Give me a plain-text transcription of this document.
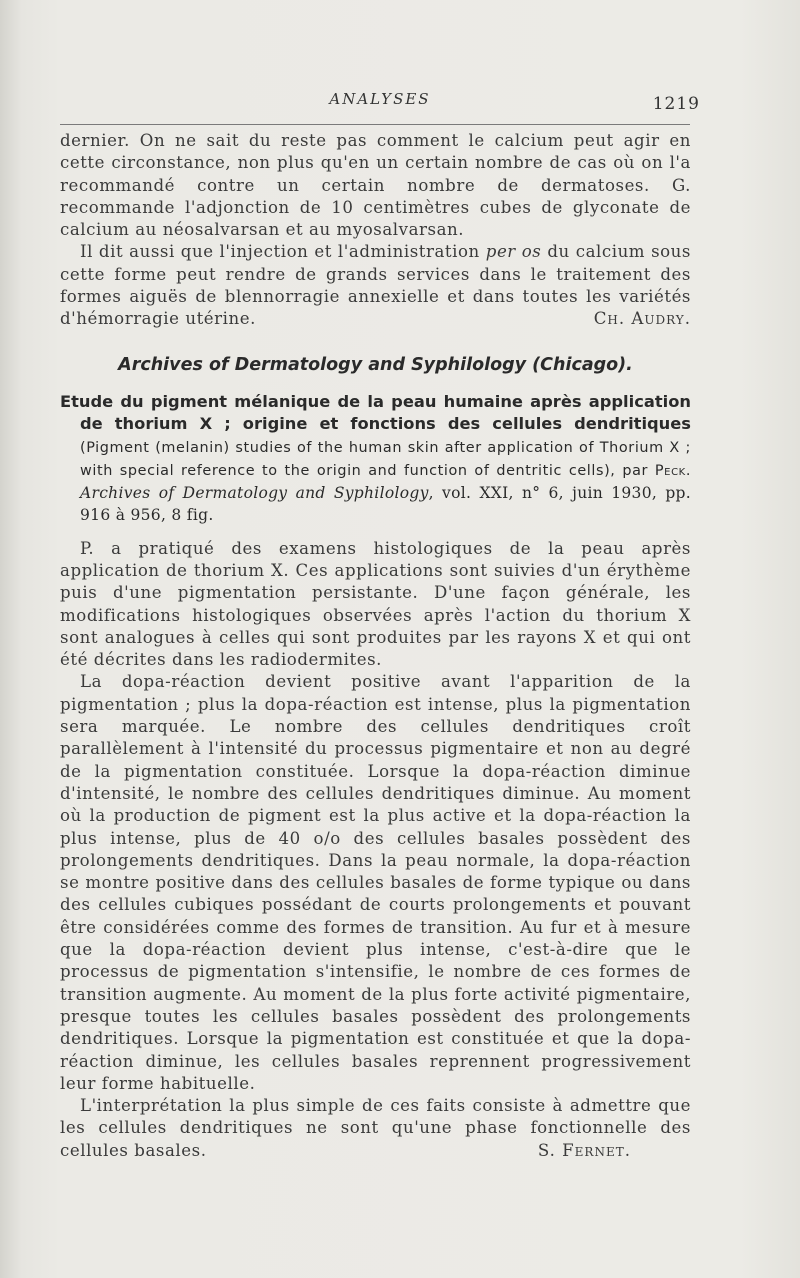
ANALYSES	1219

dernier. On ne sait du reste pas comment le calcium peut agir en cette circonstance, non plus qu'en un certain nombre de cas où on l'a recommandé contre un certain nombre de dermatoses. G. recommande l'adjonction de 10 centimètres cubes de glyconate de calcium au néosalvarsan et au myosalvarsan.

Il dit aussi que l'injection et l'administration per os du calcium sous cette forme peut rendre de grands services dans le traitement des formes aiguës de blennorragie annexielle et dans toutes les variétés d'hémorragie utérine.	Ch. Audry.

Archives of Dermatology and Syphilology (Chicago).
Etude du pigment mélanique de la peau humaine après application de thorium X ; origine et fonctions des cellules dendritiques (Pigment (melanin) studies of the human skin after application of Thorium X ; with special reference to the origin and function of dentritic cells), par Peck. Archives of Dermatology and Syphilology, vol. XXI, n° 6, juin 1930, pp. 916 à 956, 8 fig.

P. a pratiqué des examens histologiques de la peau après application de thorium X. Ces applications sont suivies d'un érythème puis d'une pigmentation persistante. D'une façon générale, les modifications histologiques observées après l'action du thorium X sont analogues à celles qui sont produites par les rayons X et qui ont été décrites dans les radiodermites.

La dopa-réaction devient positive avant l'apparition de la pigmentation ; plus la dopa-réaction est intense, plus la pigmentation sera marquée. Le nombre des cellules dendritiques croît parallèlement à l'intensité du processus pigmentaire et non au degré de la pigmentation constituée. Lorsque la dopa-réaction diminue d'intensité, le nombre des cellules dendritiques diminue. Au moment où la production de pigment est la plus active et la dopa-réaction la plus intense, plus de 40 o/o des cellules basales possèdent des prolongements dendritiques. Dans la peau normale, la dopa-réaction se montre positive dans des cellules basales de forme typique ou dans des cellules cubiques possédant de courts prolongements et pouvant être considérées comme des formes de transition. Au fur et à mesure que la dopa-réaction devient plus intense, c'est-à-dire que le processus de pigmentation s'intensifie, le nombre de ces formes de transition augmente. Au moment de la plus forte activité pigmentaire, presque toutes les cellules basales possèdent des prolongements dendritiques. Lorsque la pigmentation est constituée et que la dopa-réaction diminue, les cellules basales reprennent progressivement leur forme habituelle.

L'interprétation la plus simple de ces faits consiste à admettre que les cellules dendritiques ne sont qu'une phase fonctionnelle des cellules basales.	S. Fernet.
